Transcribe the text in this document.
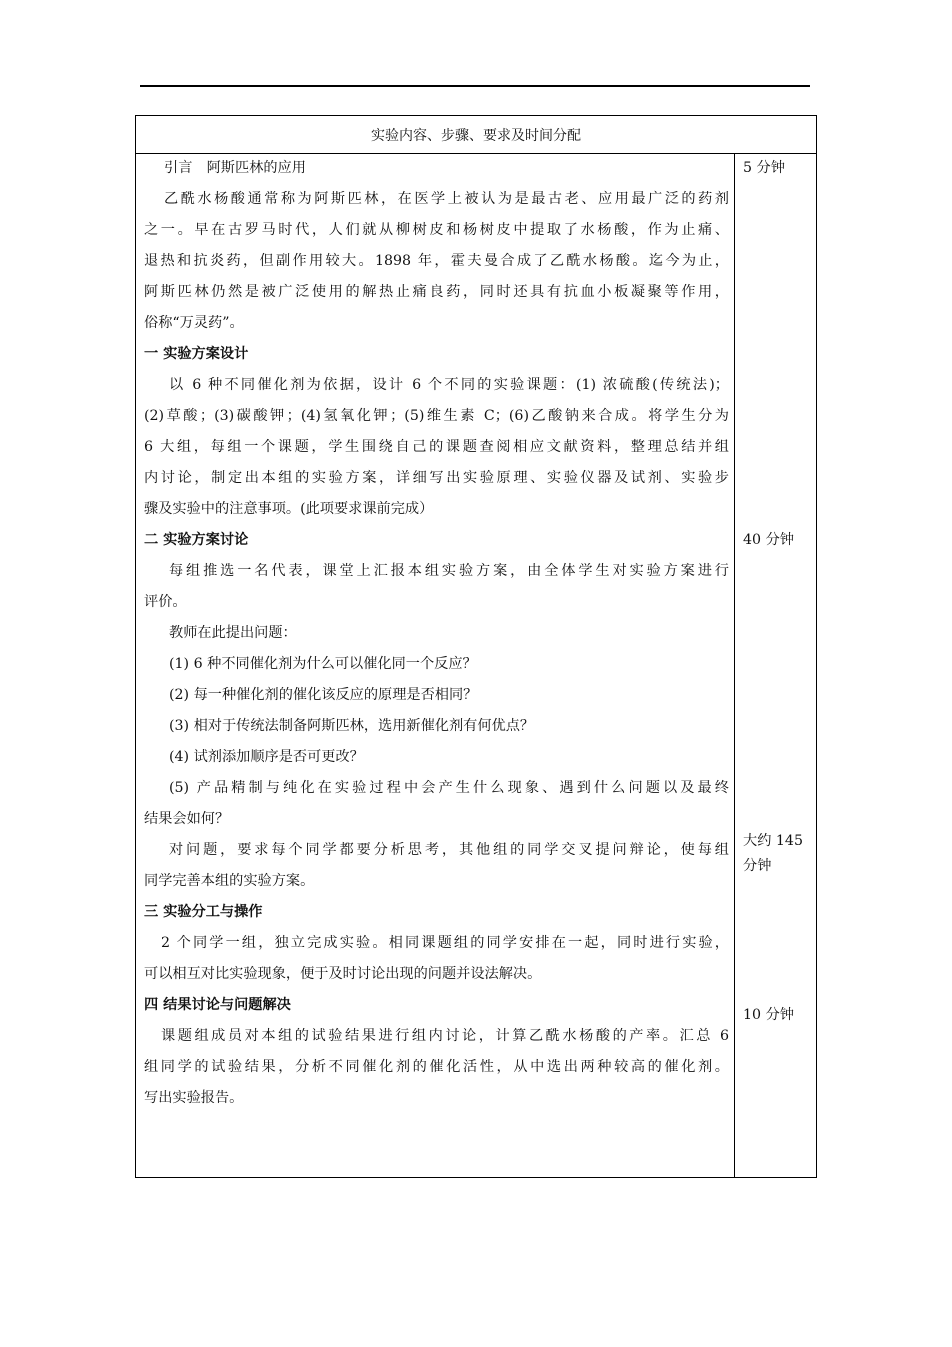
实验内容、步骤、要求及时间分配
引言　阿斯匹林的应用
乙酰水杨酸通常称为阿斯匹林，在医学上被认为是最古老、应用最广泛的药剂
之一。早在古罗马时代，人们就从柳树皮和杨树皮中提取了水杨酸，作为止痛、
退热和抗炎药，但副作用较大。1898 年，霍夫曼合成了乙酰水杨酸。迄今为止，
阿斯匹林仍然是被广泛使用的解热止痛良药，同时还具有抗血小板凝聚等作用，
俗称“万灵药”。
一 实验方案设计
以 6 种不同催化剂为依据，设计 6 个不同的实验课题：(1) 浓硫酸(传统法)；
(2)草酸；(3)碳酸钾；(4)氢氧化钾；(5)维生素 C；(6)乙酸钠来合成。将学生分为
6 大组，每组一个课题，学生围绕自己的课题查阅相应文献资料，整理总结并组
内讨论，制定出本组的实验方案，详细写出实验原理、实验仪器及试剂、实验步
骤及实验中的注意事项。(此项要求课前完成）
二 实验方案讨论
每组推选一名代表，课堂上汇报本组实验方案，由全体学生对实验方案进行
评价。
教师在此提出问题：
(1) 6 种不同催化剂为什么可以催化同一个反应？
(2) 每一种催化剂的催化该反应的原理是否相同？
(3) 相对于传统法制备阿斯匹林，选用新催化剂有何优点？
(4) 试剂添加顺序是否可更改？
(5) 产品精制与纯化在实验过程中会产生什么现象、遇到什么问题以及最终
结果会如何？
对问题，要求每个同学都要分析思考，其他组的同学交叉提问辩论，使每组
同学完善本组的实验方案。
三 实验分工与操作
2 个同学一组，独立完成实验。相同课题组的同学安排在一起，同时进行实验，
可以相互对比实验现象，便于及时讨论出现的问题并设法解决。
四 结果讨论与问题解决
课题组成员对本组的试验结果进行组内讨论，计算乙酰水杨酸的产率。汇总 6
组同学的试验结果，分析不同催化剂的催化活性，从中选出两种较高的催化剂。
写出实验报告。
5 分钟
40 分钟
大约 145
分钟
10 分钟
